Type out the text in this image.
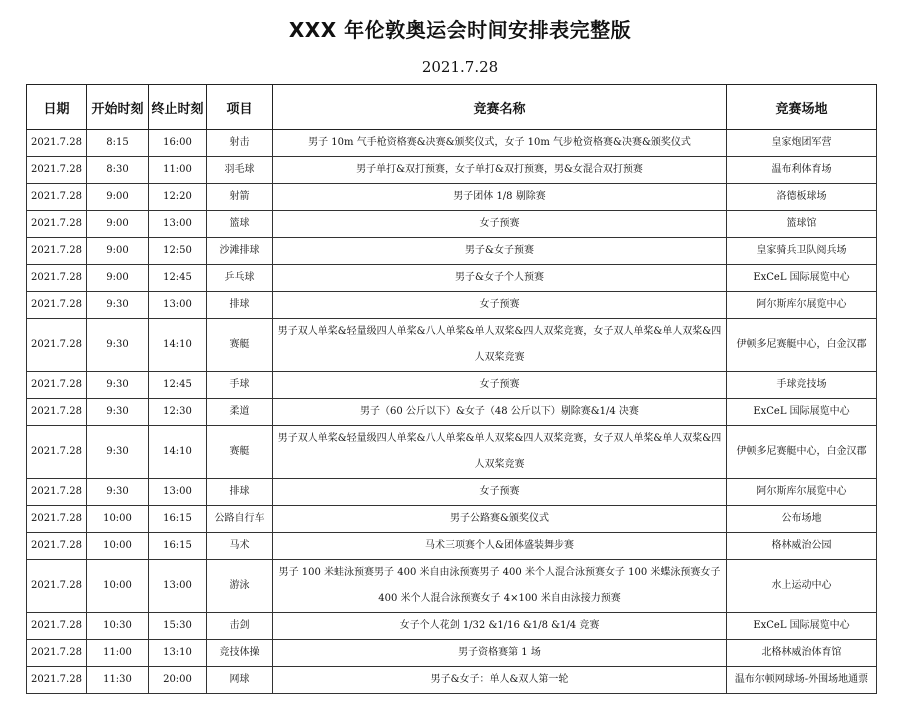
XXX 年伦敦奥运会时间安排表完整版
2021.7.28
日期	开始时刻	终止时刻	项目	竞赛名称	竞赛场地
2021.7.28	8:15	16:00	射击	男子 10m 气手枪资格赛&决赛&颁奖仪式，女子 10m 气步枪资格赛&决赛&颁奖仪式	皇家炮团军营
2021.7.28	8:30	11:00	羽毛球	男子单打&双打预赛，女子单打&双打预赛，男&女混合双打预赛	温布利体育场
2021.7.28	9:00	12:20	射箭	男子团体 1/8 剔除赛	洛德板球场
2021.7.28	9:00	13:00	篮球	女子预赛	篮球馆
2021.7.28	9:00	12:50	沙滩排球	男子&女子预赛	皇家骑兵卫队阅兵场
2021.7.28	9:00	12:45	乒乓球	男子&女子个人预赛	ExCeL 国际展览中心
2021.7.28	9:30	13:00	排球	女子预赛	阿尔斯库尔展览中心
2021.7.28	9:30	14:10	赛艇	男子双人单桨&轻量级四人单桨&八人单桨&单人双桨&四人双桨竞赛，女子双人单桨&单人双桨&四人双桨竞赛	伊顿多尼赛艇中心，白金汉郡
2021.7.28	9:30	12:45	手球	女子预赛	手球竞技场
2021.7.28	9:30	12:30	柔道	男子（60 公斤以下）&女子（48 公斤以下）剔除赛&1/4 决赛	ExCeL 国际展览中心
2021.7.28	9:30	14:10	赛艇	男子双人单桨&轻量级四人单桨&八人单桨&单人双桨&四人双桨竞赛，女子双人单桨&单人双桨&四人双桨竞赛	伊顿多尼赛艇中心，白金汉郡
2021.7.28	9:30	13:00	排球	女子预赛	阿尔斯库尔展览中心
2021.7.28	10:00	16:15	公路自行车	男子公路赛&颁奖仪式	公布场地
2021.7.28	10:00	16:15	马术	马术三项赛个人&团体盛装舞步赛	格林威治公园
2021.7.28	10:00	13:00	游泳	男子 100 米蛙泳预赛男子 400 米自由泳预赛男子 400 米个人混合泳预赛女子 100 米蝶泳预赛女子 400 米个人混合泳预赛女子 4×100 米自由泳接力预赛	水上运动中心
2021.7.28	10:30	15:30	击剑	女子个人花剑 1/32 &1/16 &1/8 &1/4 竞赛	ExCeL 国际展览中心
2021.7.28	11:00	13:10	竞技体操	男子资格赛第 1 场	北格林威治体育馆
2021.7.28	11:30	20:00	网球	男子&女子：单人&双人第一轮	温布尔顿网球场-外围场地通票
